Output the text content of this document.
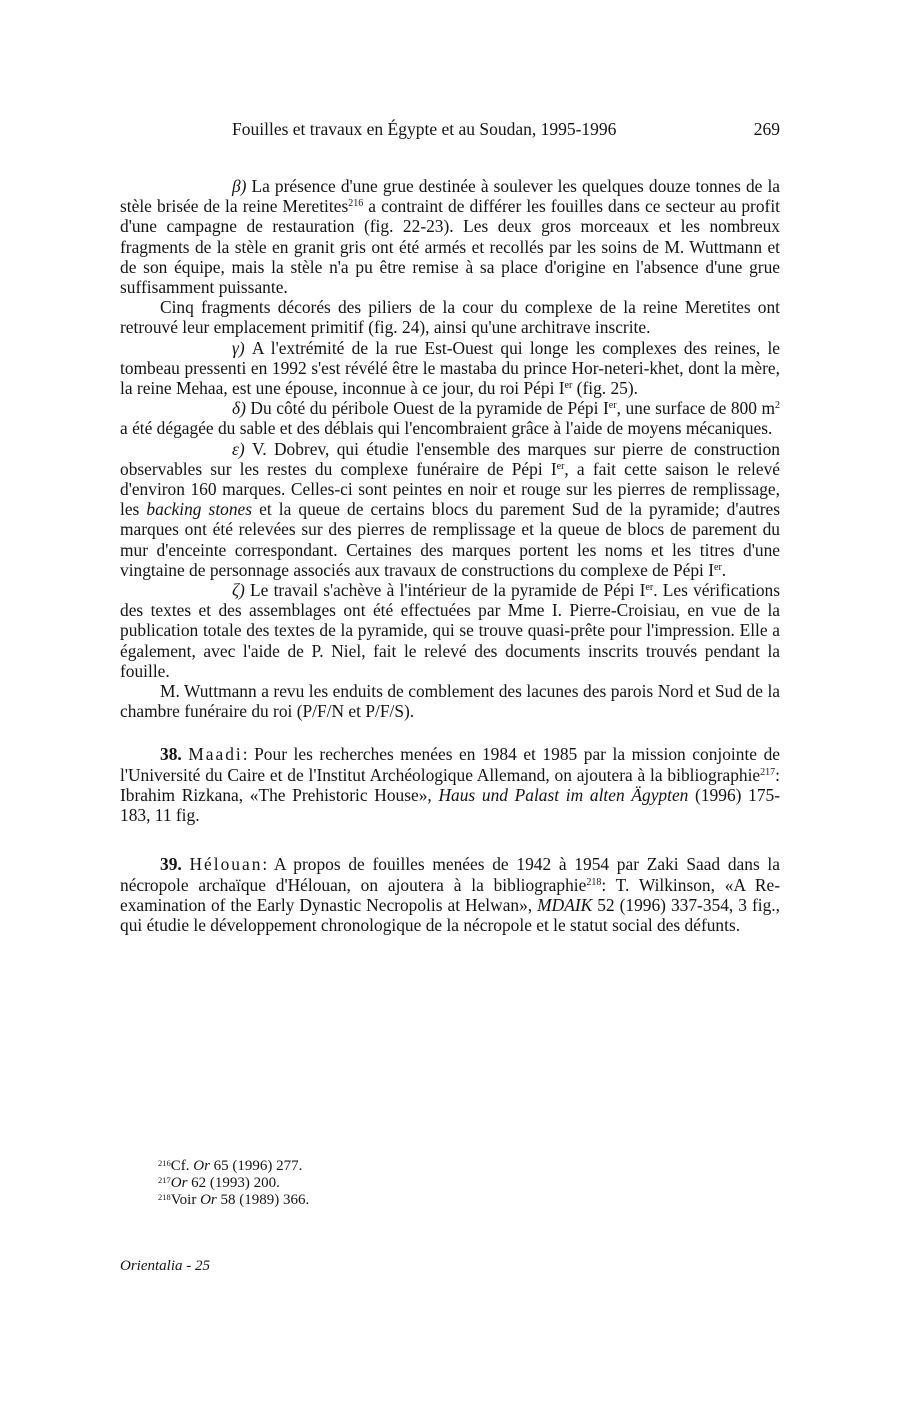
Fouilles et travaux en Égypte et au Soudan, 1995-1996	269

β) La présence d'une grue destinée à soulever les quelques douze tonnes de la stèle brisée de la reine Meretites$^{216}$ a contraint de différer les fouilles dans ce secteur au profit d'une campagne de restauration (fig. 22-23). Les deux gros morceaux et les nombreux fragments de la stèle en granit gris ont été armés et recollés par les soins de M. Wuttmann et de son équipe, mais la stèle n'a pu être remise à sa place d'origine en l'absence d'une grue suffisamment puissante.

Cinq fragments décorés des piliers de la cour du complexe de la reine Meretites ont retrouvé leur emplacement primitif (fig. 24), ainsi qu'une architrave inscrite.

γ) A l'extrémité de la rue Est-Ouest qui longe les complexes des reines, le tombeau pressenti en 1992 s'est révélé être le mastaba du prince Hor-neteri-khet, dont la mère, la reine Mehaa, est une épouse, inconnue à ce jour, du roi Pépi Ier (fig. 25).

δ) Du côté du péribole Ouest de la pyramide de Pépi Ier, une surface de 800 $m^2$ a été dégagée du sable et des déblais qui l'encombraient grâce à l'aide de moyens mécaniques.

ε) V. Dobrev, qui étudie l'ensemble des marques sur pierre de construction observables sur les restes du complexe funéraire de Pépi Ier, a fait cette saison le relevé d'environ 160 marques. Celles-ci sont peintes en noir et rouge sur les pierres de remplissage, les backing stones et la queue de certains blocs du parement Sud de la pyramide; d'autres marques ont été relevées sur des pierres de remplissage et la queue de blocs de parement du mur d'enceinte correspondant. Certaines des marques portent les noms et les titres d'une vingtaine de personnage associés aux travaux de constructions du complexe de Pépi Ier.

ζ) Le travail s'achève à l'intérieur de la pyramide de Pépi Ier. Les vérifications des textes et des assemblages ont été effectuées par Mme I. Pierre-Croisiau, en vue de la publication totale des textes de la pyramide, qui se trouve quasi-prête pour l'impression. Elle a également, avec l'aide de P. Niel, fait le relevé des documents inscrits trouvés pendant la fouille.

M. Wuttmann a revu les enduits de comblement des lacunes des parois Nord et Sud de la chambre funéraire du roi (P/F/N et P/F/S).

38. Maadi: Pour les recherches menées en 1984 et 1985 par la mission conjointe de l'Université du Caire et de l'Institut Archéologique Allemand, on ajoutera à la bibliographie$^{217}$: Ibrahim Rizkana, «The Prehistoric House», Haus und Palast im alten Ägypten (1996) 175-183, 11 fig.

39. Hélouan: A propos de fouilles menées de 1942 à 1954 par Zaki Saad dans la nécropole archaïque d'Hélouan, on ajoutera à la bibliographie$^{218}$: T. Wilkinson, «A Re-examination of the Early Dynastic Necropolis at Helwan», MDAIK 52 (1996) 337-354, 3 fig., qui étudie le développement chronologique de la nécropole et le statut social des défunts.

$^{216}$Cf. Or 65 (1996) 277.
$^{217}$Or 62 (1993) 200.
$^{218}$Voir Or 58 (1989) 366.
Orientalia - 25
